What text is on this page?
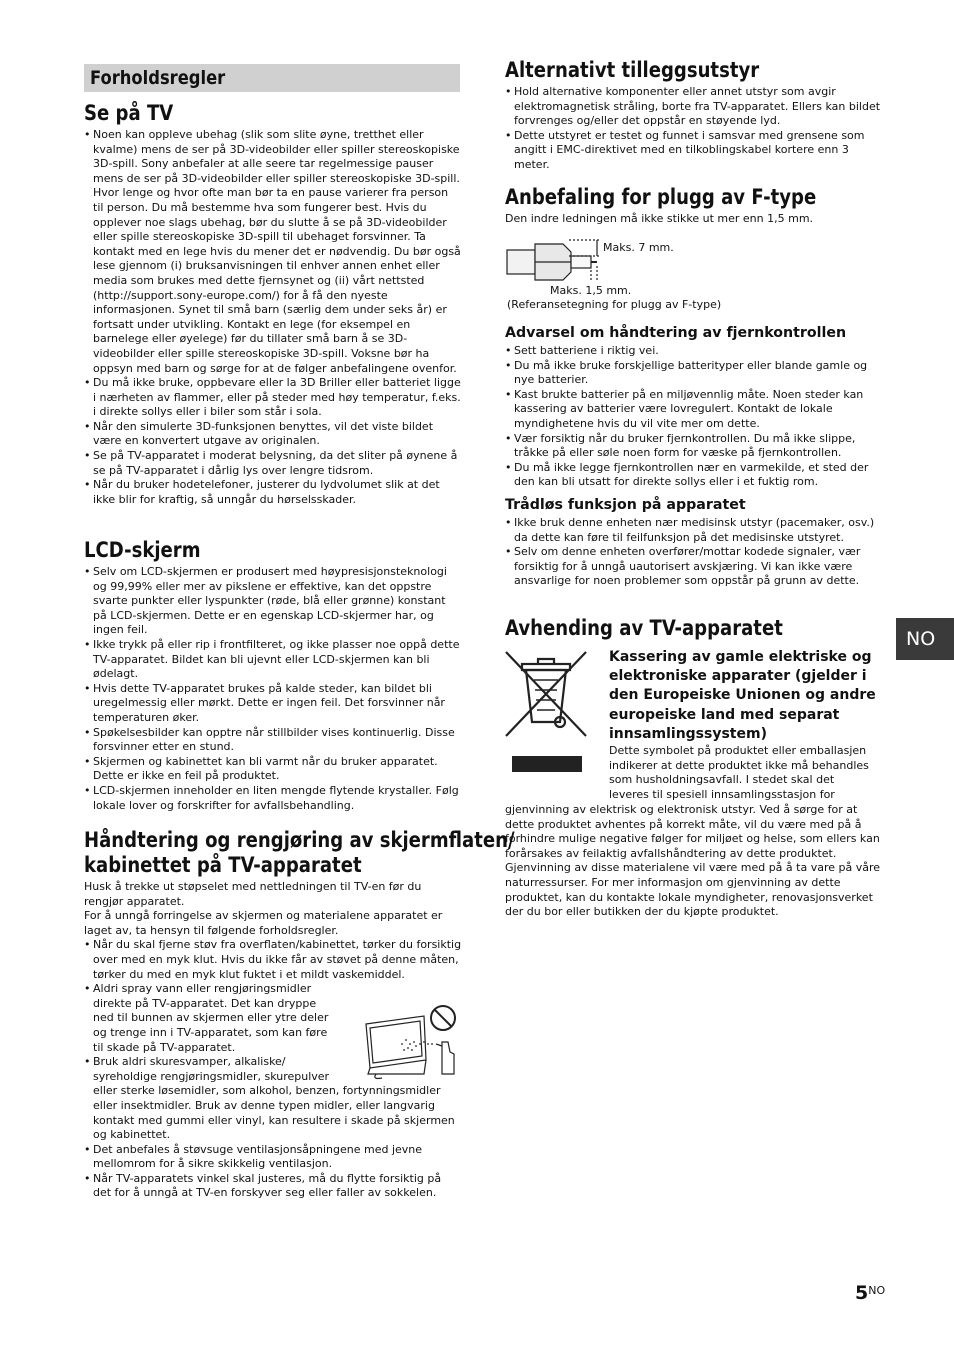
Forholdsregler
Se på TV
• Noen kan oppleve ubehag (slik som slite øyne, tretthet eller kvalme) mens de ser på 3D-videobilder eller spiller stereoskopiske 3D-spill. Sony anbefaler at alle seere tar regelmessige pauser mens de ser på 3D-videobilder eller spiller stereoskopiske 3D-spill. Hvor lenge og hvor ofte man bør ta en pause varierer fra person til person. Du må bestemme hva som fungerer best. Hvis du opplever noe slags ubehag, bør du slutte å se på 3D-videobilder eller spille stereoskopiske 3D-spill til ubehaget forsvinner. Ta kontakt med en lege hvis du mener det er nødvendig. Du bør også lese gjennom (i) bruksanvisningen til enhver annen enhet eller media som brukes med dette fjernsynet og (ii) vårt nettsted (http://support.sony-europe.com/) for å få den nyeste informasjonen. Synet til små barn (særlig dem under seks år) er fortsatt under utvikling. Kontakt en lege (for eksempel en barnelege eller øyelege) før du tillater små barn å se 3D-videobilder eller spille stereoskopiske 3D-spill. Voksne bør ha oppsyn med barn og sørge for at de følger anbefalingene ovenfor.
• Du må ikke bruke, oppbevare eller la 3D Briller eller batteriet ligge i nærheten av flammer, eller på steder med høy temperatur, f.eks. i direkte sollys eller i biler som står i sola.
• Når den simulerte 3D-funksjonen benyttes, vil det viste bildet være en konvertert utgave av originalen.
• Se på TV-apparatet i moderat belysning, da det sliter på øynene å se på TV-apparatet i dårlig lys over lengre tidsrom.
• Når du bruker hodetelefoner, justerer du lydvolumet slik at det ikke blir for kraftig, så unngår du hørselsskader.
LCD-skjerm
• Selv om LCD-skjermen er produsert med høypresisjonsteknologi og 99,99% eller mer av pikslene er effektive, kan det oppstre svarte punkter eller lyspunkter (røde, blå eller grønne) konstant på LCD-skjermen. Dette er en egenskap LCD-skjermer har, og ingen feil.
• Ikke trykk på eller rip i frontfilteret, og ikke plasser noe oppå dette TV-apparatet. Bildet kan bli ujevnt eller LCD-skjermen kan bli ødelagt.
• Hvis dette TV-apparatet brukes på kalde steder, kan bildet bli uregelmessig eller mørkt. Dette er ingen feil. Det forsvinner når temperaturen øker.
• Spøkelsesbilder kan opptre når stillbilder vises kontinuerlig. Disse forsvinner etter en stund.
• Skjermen og kabinettet kan bli varmt når du bruker apparatet. Dette er ikke en feil på produktet.
• LCD-skjermen inneholder en liten mengde flytende krystaller. Følg lokale lover og forskrifter for avfallsbehandling.
Håndtering og rengjøring av skjermflaten/
kabinettet på TV-apparatet

Husk å trekke ut støpselet med nettledningen til TV-en før du rengjør apparatet.

For å unngå forringelse av skjermen og materialene apparatet er laget av, ta hensyn til følgende forholdsregler.

• Når du skal fjerne støv fra overflaten/kabinettet, tørker du forsiktig over med en myk klut. Hvis du ikke får av støvet på denne måten, tørker du med en myk klut fuktet i et mildt vaskemiddel.
• Aldri spray vann eller rengjøringsmidler
direkte på TV-apparatet. Det kan dryppe
ned til bunnen av skjermen eller ytre deler
og trenge inn i TV-apparatet, som kan føre
til skade på TV-apparatet.
• Bruk aldri skuresvamper, alkaliske/
syreholdige rengjøringsmidler, skurepulver
eller sterke løsemidler, som alkohol, benzen, fortynningsmidler eller insektmidler. Bruk av denne typen midler, eller langvarig kontakt med gummi eller vinyl, kan resultere i skade på skjermen og kabinettet.
• Det anbefales å støvsuge ventilasjonsåpningene med jevne mellomrom for å sikre skikkelig ventilasjon.
• Når TV-apparatets vinkel skal justeres, må du flytte forsiktig på det for å unngå at TV-en forskyver seg eller faller av sokkelen.
Alternativt tilleggsutstyr
• Hold alternative komponenter eller annet utstyr som avgir elektromagnetisk stråling, borte fra TV-apparatet. Ellers kan bildet forvrenges og/eller det oppstår en støyende lyd.
• Dette utstyret er testet og funnet i samsvar med grensene som angitt i EMC-direktivet med en tilkoblingskabel kortere enn 3 meter.
Anbefaling for plugg av F-type

Den indre ledningen må ikke stikke ut mer enn 1,5 mm.

Maks. 7 mm.
Maks. 1,5 mm.
(Referansetegning for plugg av F-type)
Advarsel om håndtering av fjernkontrollen
• Sett batteriene i riktig vei.
• Du må ikke bruke forskjellige batterityper eller blande gamle og nye batterier.
• Kast brukte batterier på en miljøvennlig måte. Noen steder kan kassering av batterier være lovregulert. Kontakt de lokale myndighetene hvis du vil vite mer om dette.
• Vær forsiktig når du bruker fjernkontrollen. Du må ikke slippe, tråkke på eller søle noen form for væske på fjernkontrollen.
• Du må ikke legge fjernkontrollen nær en varmekilde, et sted der den kan bli utsatt for direkte sollys eller i et fuktig rom.
Trådløs funksjon på apparatet
• Ikke bruk denne enheten nær medisinsk utstyr (pacemaker, osv.) da dette kan føre til feilfunksjon på det medisinske utstyret.
• Selv om denne enheten overfører/mottar kodede signaler, vær forsiktig for å unngå uautorisert avskjæring. Vi kan ikke være ansvarlige for noen problemer som oppstår på grunn av dette.
Avhending av TV-apparatet
Kassering av gamle elektriske og
elektroniske apparater (gjelder i
den Europeiske Unionen og andre
europeiske land med separat
innsamlingssystem)
Dette symbolet på produktet eller emballasjen
indikerer at dette produktet ikke må behandles
som husholdningsavfall. I stedet skal det
leveres til spesiell innsamlingsstasjon for

gjenvinning av elektrisk og elektronisk utstyr. Ved å sørge for at dette produktet avhentes på korrekt måte, vil du være med på å forhindre mulige negative følger for miljøet og helse, som ellers kan forårsakes av feilaktig avfallshåndtering av dette produktet. Gjenvinning av disse materialene vil være med på å ta vare på våre naturressurser. For mer informasjon om gjenvinning av dette produktet, kan du kontakte lokale myndigheter, renovasjonsverket der du bor eller butikken der du kjøpte produktet.

NO
$5^{NO}$
